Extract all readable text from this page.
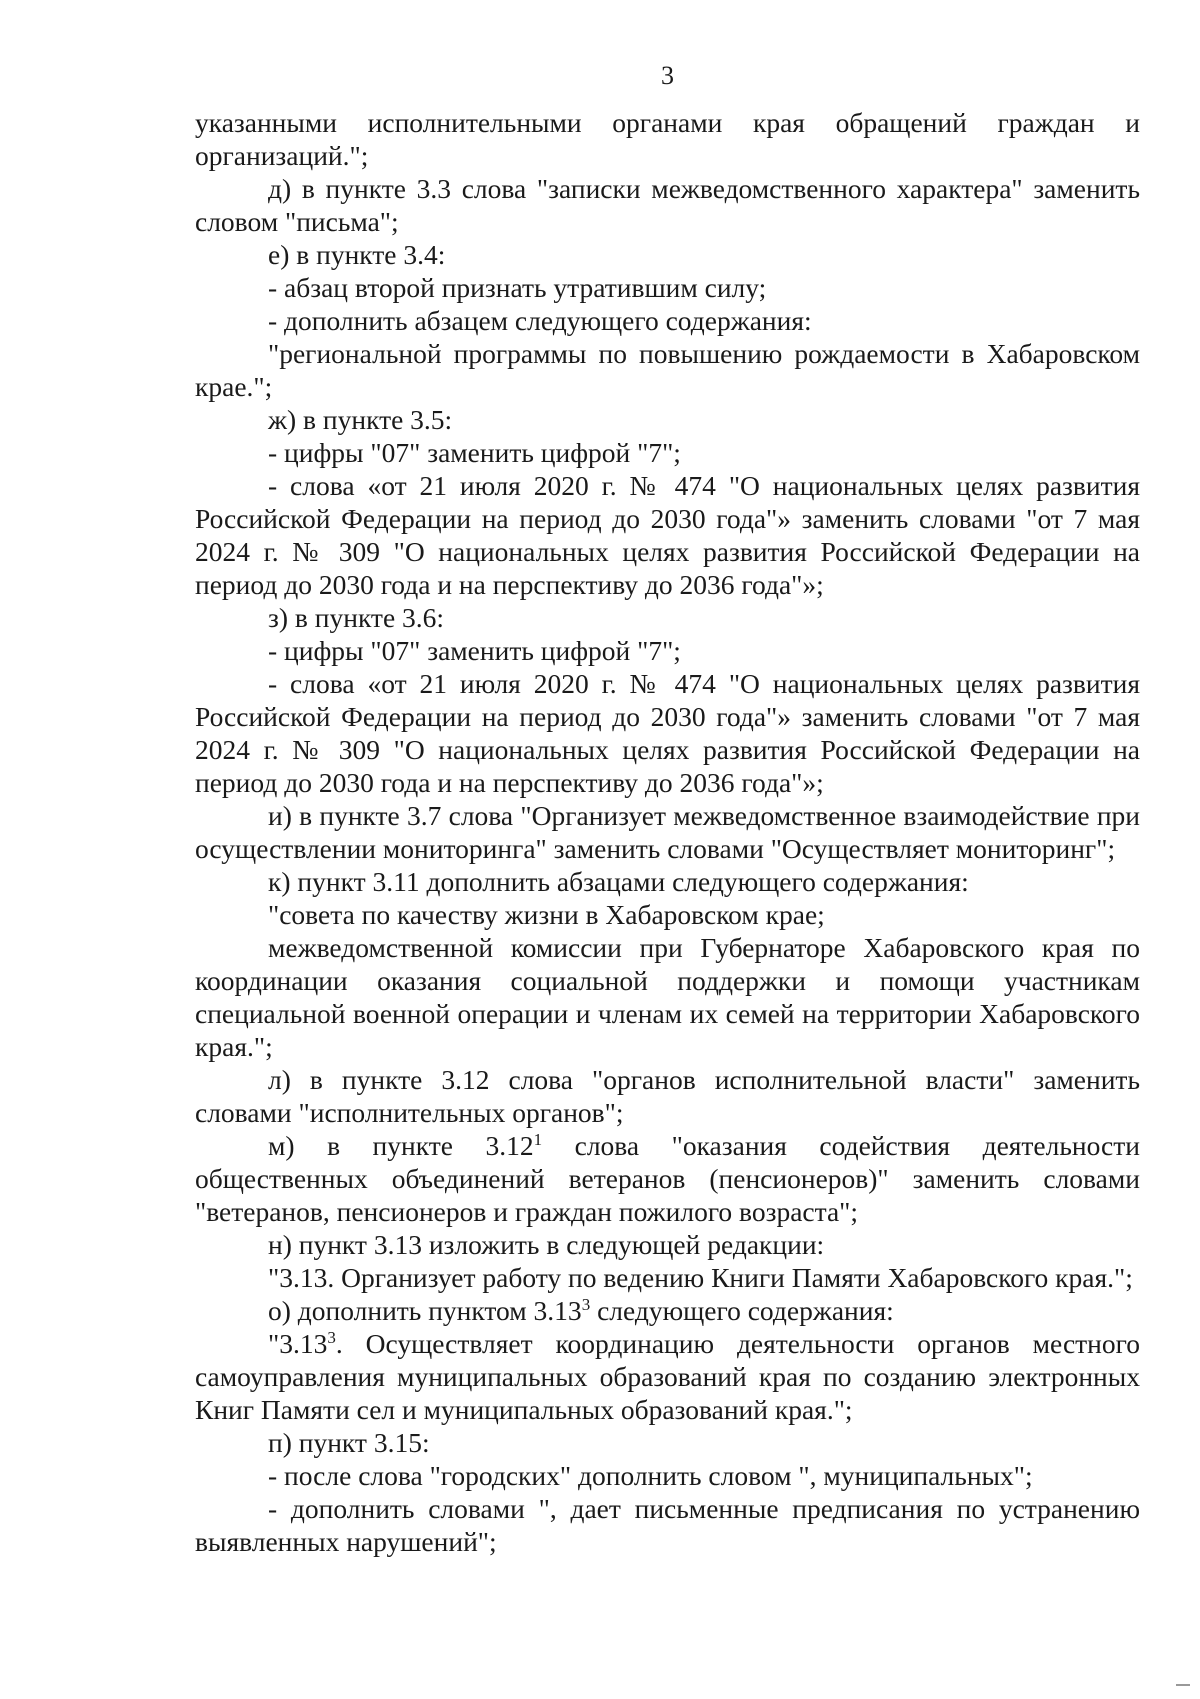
3

указанными исполнительными органами края обращений граждан и организаций.";

д) в пункте 3.3 слова "записки межведомственного характера" заменить словом "письма";

е) в пункте 3.4:

- абзац второй признать утратившим силу;

- дополнить абзацем следующего содержания:

"региональной программы по повышению рождаемости в Хабаровском крае.";

ж) в пункте 3.5:

- цифры "07" заменить цифрой "7";

- слова «от 21 июля 2020 г. № 474 "О национальных целях развития Российской Федерации на период до 2030 года"» заменить словами "от 7 мая 2024 г. № 309 "О национальных целях развития Российской Федерации на период до 2030 года и на перспективу до 2036 года"»;

з) в пункте 3.6:

- цифры "07" заменить цифрой "7";

- слова «от 21 июля 2020 г. № 474 "О национальных целях развития Российской Федерации на период до 2030 года"» заменить словами "от 7 мая 2024 г. № 309 "О национальных целях развития Российской Федерации на период до 2030 года и на перспективу до 2036 года"»;

и) в пункте 3.7 слова "Организует межведомственное взаимодействие при осуществлении мониторинга" заменить словами "Осуществляет мониторинг";

к) пункт 3.11 дополнить абзацами следующего содержания:

"совета по качеству жизни в Хабаровском крае;

межведомственной комиссии при Губернаторе Хабаровского края по координации оказания социальной поддержки и помощи участникам специальной военной операции и членам их семей на территории Хабаровского края.";

л) в пункте 3.12 слова "органов исполнительной власти" заменить словами "исполнительных органов";

м) в пункте 3.12$^1$ слова "оказания содействия деятельности общественных объединений ветеранов (пенсионеров)" заменить словами "ветеранов, пенсионеров и граждан пожилого возраста";

н) пункт 3.13 изложить в следующей редакции:

"3.13. Организует работу по ведению Книги Памяти Хабаровского края.";

о) дополнить пунктом 3.13$^3$ следующего содержания:

"3.13$^3$. Осуществляет координацию деятельности органов местного самоуправления муниципальных образований края по созданию электронных Книг Памяти сел и муниципальных образований края.";

п) пункт 3.15:

- после слова "городских" дополнить словом ", муниципальных";

- дополнить словами ", дает письменные предписания по устранению выявленных нарушений";
